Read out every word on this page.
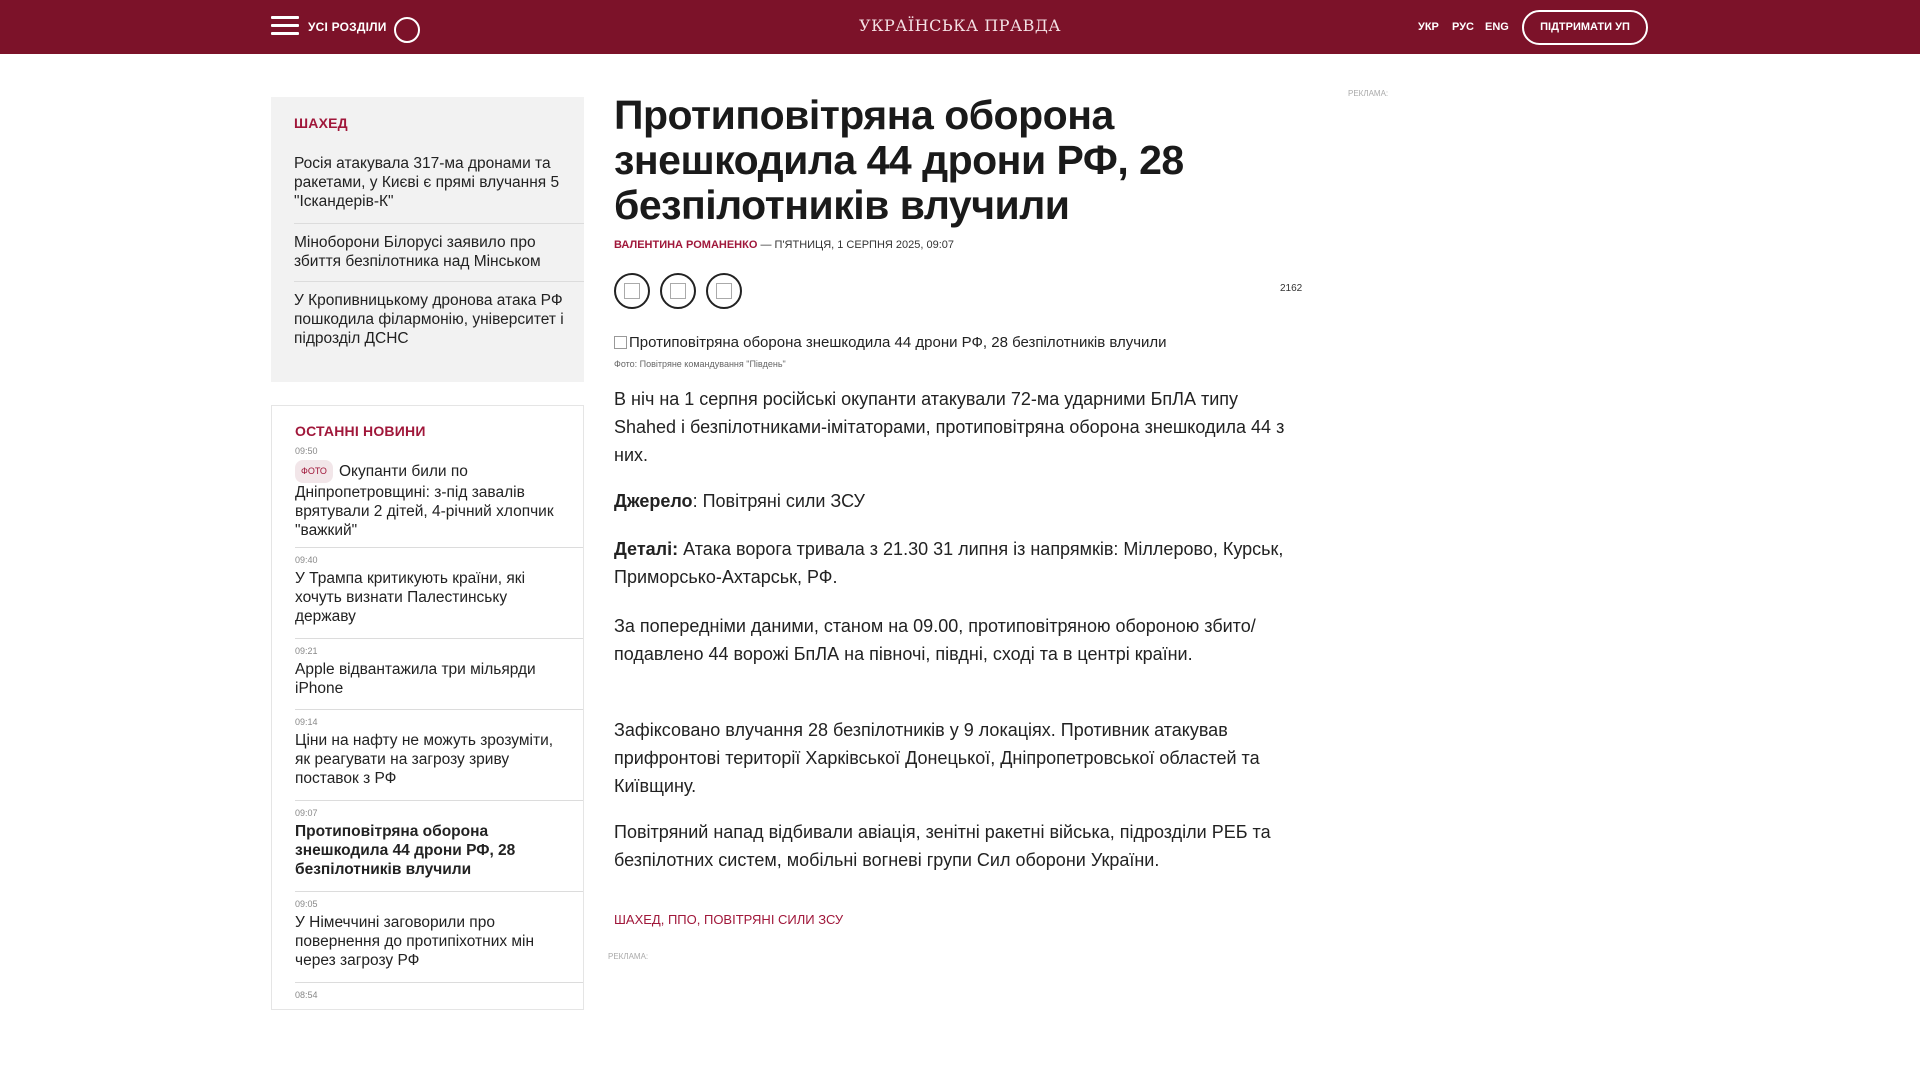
УСІ РОЗДІЛИ	УКРАЇНСЬКА ПРАВДА	УКР РУС ENG	ПІДТРИМАТИ УП
ШАХЕД
Росія атакувала 317-ма дронами та ракетами, у Києві є прямі влучання 5 "Іскандерів-К"
Міноборони Білорусі заявило про збиття безпілотника над Мінськом
У Кропивницькому дронова атака РФ пошкодила філармонію, університет і підрозділ ДСНС
ОСТАННІ НОВИНИ
09:50
ФОТО Окупанти били по Дніпропетровщині: з-під завалів врятували 2 дітей, 4-річний хлопчик "важкий"
09:40
У Трампа критикують країни, які хочуть визнати Палестинську державу
09:21
Apple відвантажила три мільярди iPhone
09:14
Ціни на нафту не можуть зрозуміти, як реагувати на загрозу зриву поставок з РФ
09:07
Протиповітряна оборона знешкодила 44 дрони РФ, 28 безпілотників влучили
09:05
У Німеччині заговорили про повернення до протипіхотних мін через загрозу РФ
08:54
Протиповітряна оборона знешкодила 44 дрони РФ, 28 безпілотників влучили
ВАЛЕНТИНА РОМАНЕНКО — П'ЯТНИЦЯ, 1 СЕРПНЯ 2025, 09:07
2162
Протиповітряна оборона знешкодила 44 дрони РФ, 28 безпілотників влучили
Фото: Повітряне командування "Південь"

В ніч на 1 серпня російські окупанти атакували 72-ма ударними БпЛА типу Shahed і безпілотниками-імітаторами, протиповітряна оборона знешкодила 44 з них.

Джерело: Повітряні сили ЗСУ

Деталі: Атака ворога тривала з 21.30 31 липня із напрямків: Міллерово, Курськ, Приморсько-Ахтарськ, РФ.

За попередніми даними, станом на 09.00, протиповітряною обороною збито/подавлено 44 ворожі БпЛА на півночі, півдні, сході та в центрі країни.

Зафіксовано влучання 28 безпілотників у 9 локаціях. Противник атакував прифронтові території Харківської Донецької, Дніпропетровської областей та Київщину.

Повітряний напад відбивали авіація, зенітні ракетні війська, підрозділи РЕБ та безпілотних систем, мобільні вогневі групи Сил оборони України.

ШАХЕД, ППО, ПОВІТРЯНІ СИЛИ ЗСУ
РЕКЛАМА:
РЕКЛАМА:
